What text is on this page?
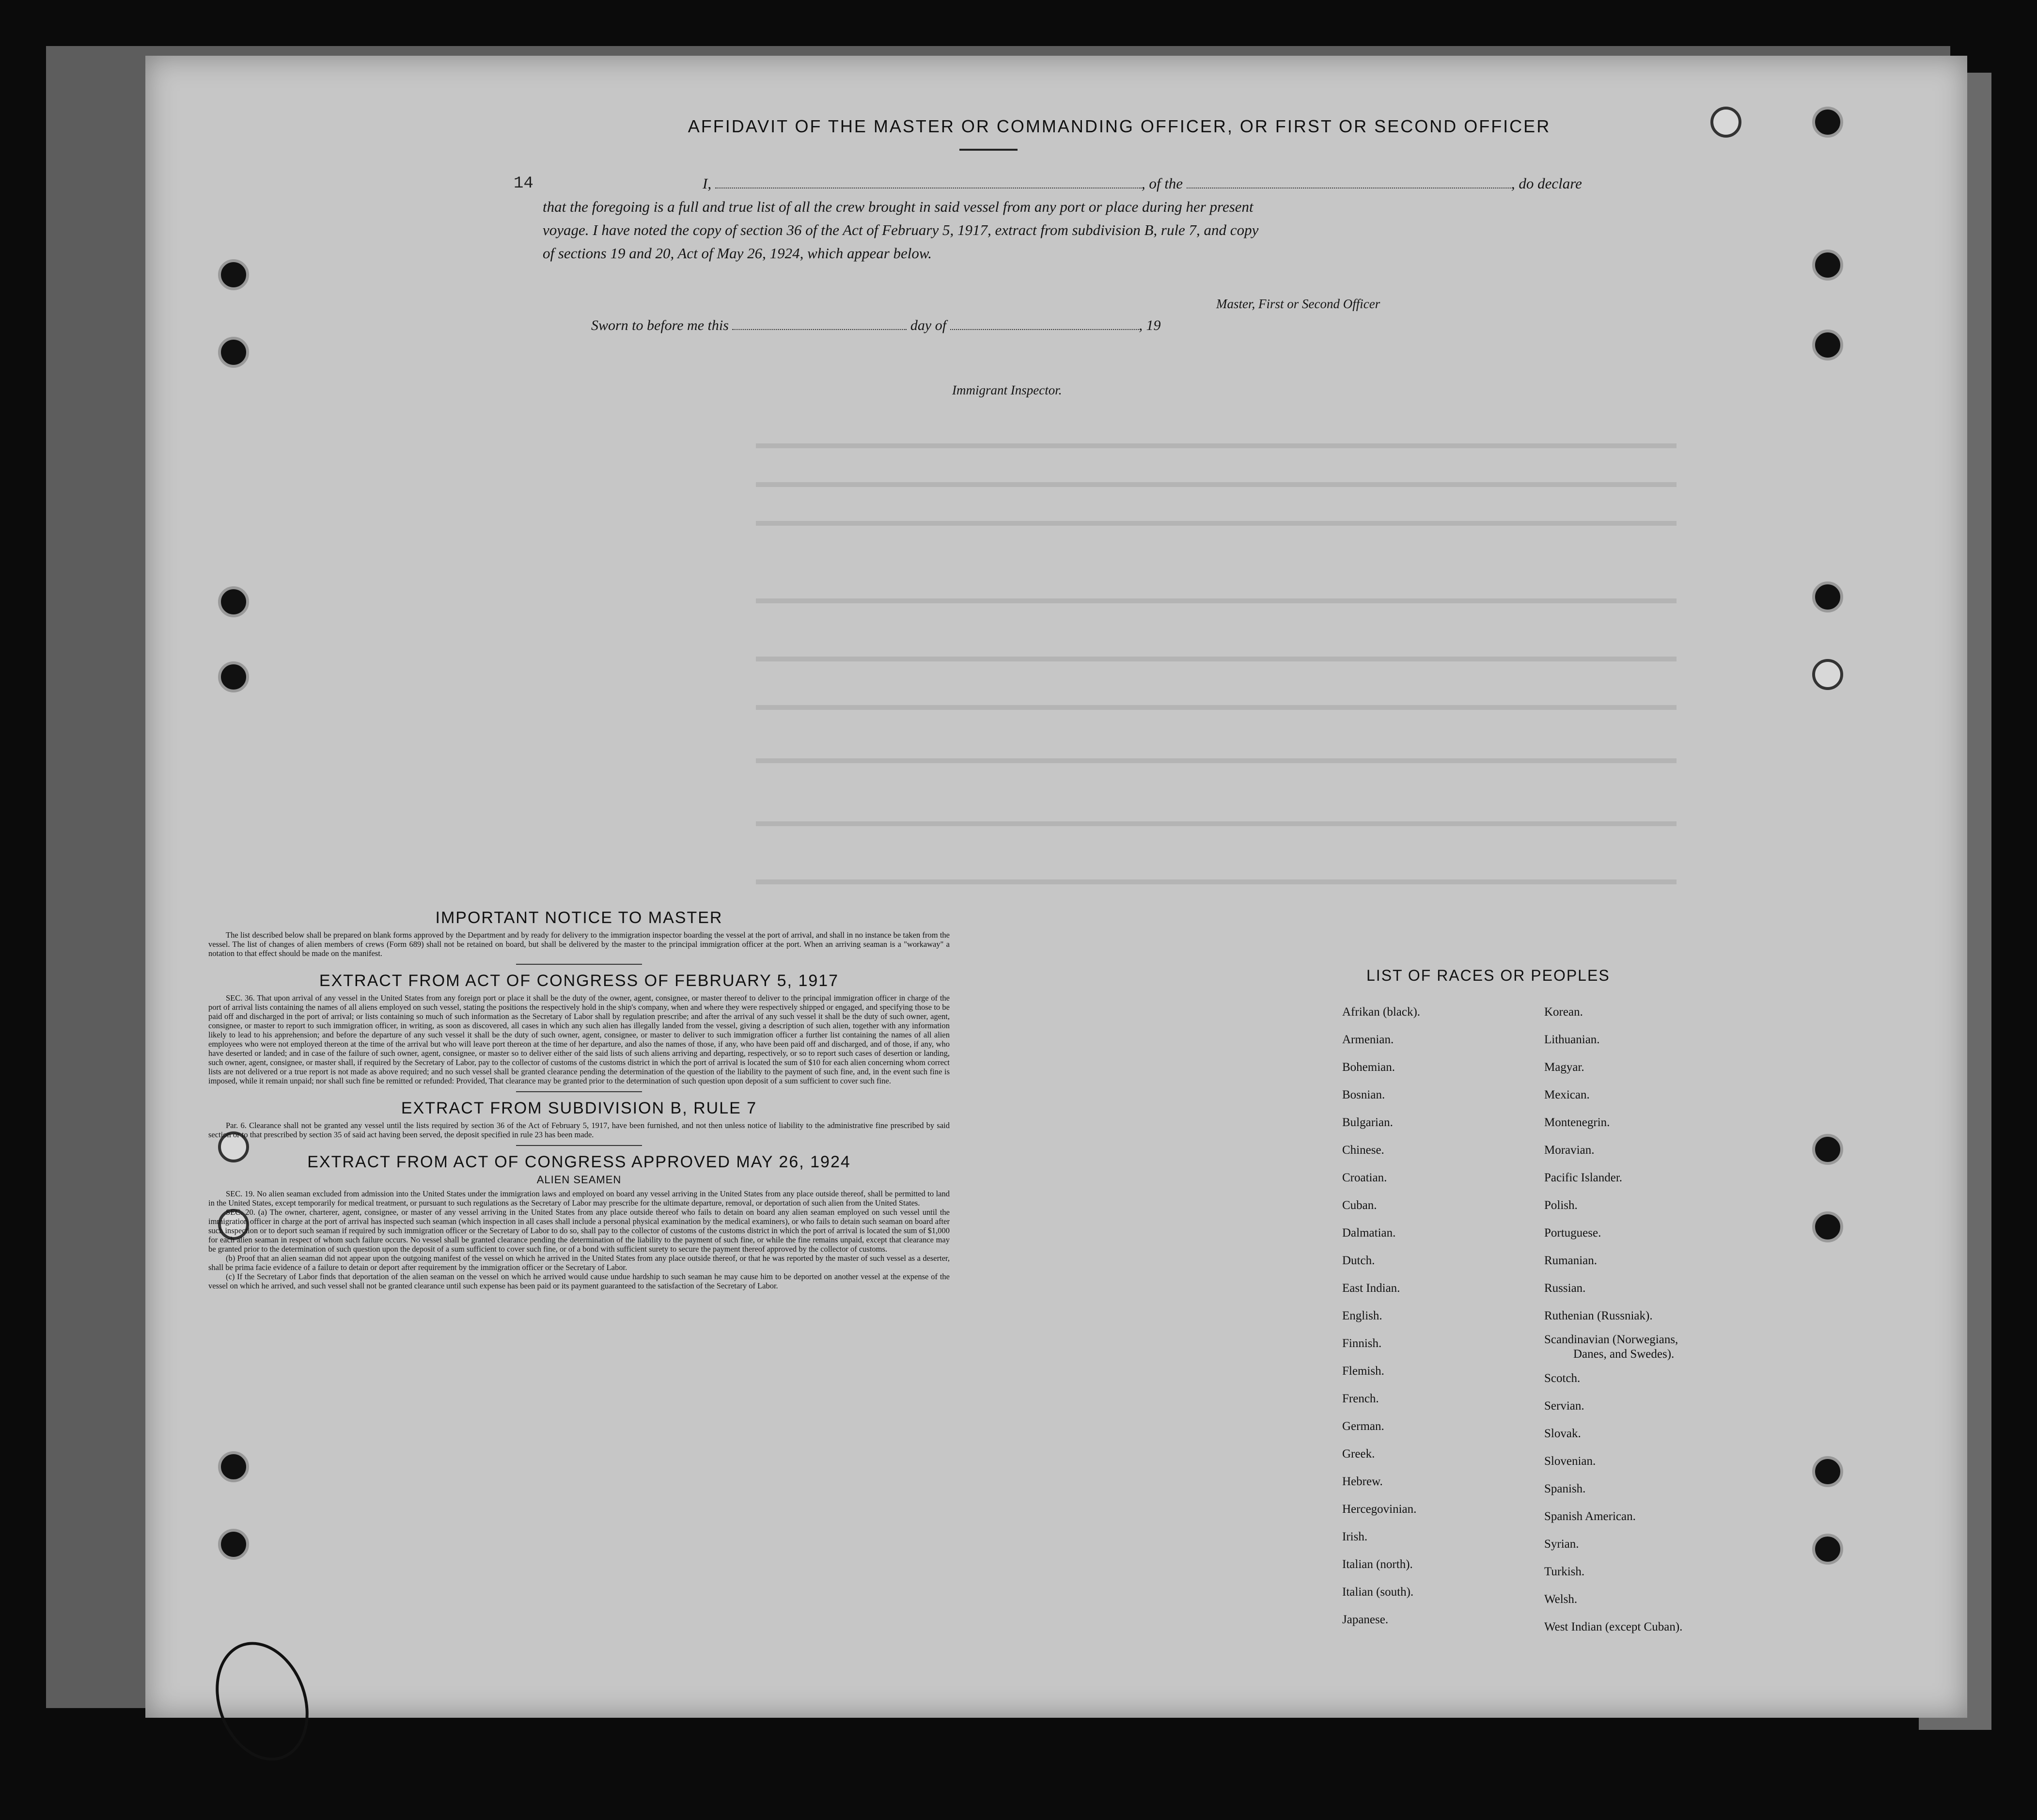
14
AFFIDAVIT OF THE MASTER OR COMMANDING OFFICER, OR FIRST OR SECOND OFFICER
I,	, of the	, do declare
that the foregoing is a full and true list of all the crew brought in said vessel from any port or place during her present
voyage. I have noted the copy of section 36 of the Act of February 5, 1917, extract from subdivision B, rule 7, and copy
of sections 19 and 20, Act of May 26, 1924, which appear below.
Master, First or Second Officer
Sworn to before me this	day of	, 19
Immigrant Inspector.
IMPORTANT NOTICE TO MASTER

The list described below shall be prepared on blank forms approved by the Department and by ready for delivery to the immigration inspector boarding the vessel at the port of arrival, and shall in no instance be taken from the vessel. The list of changes of alien members of crews (Form 689) shall not be retained on board, but shall be delivered by the master to the principal immigration officer at the port. When an arriving seaman is a "workaway" a notation to that effect should be made on the manifest.

EXTRACT FROM ACT OF CONGRESS OF FEBRUARY 5, 1917

SEC. 36. That upon arrival of any vessel in the United States from any foreign port or place it shall be the duty of the owner, agent, consignee, or master thereof to deliver to the principal immigration officer in charge of the port of arrival lists containing the names of all aliens employed on such vessel, stating the positions the respectively hold in the ship's company, when and where they were respectively shipped or engaged, and specifying those to be paid off and discharged in the port of arrival; or lists containing so much of such information as the Secretary of Labor shall by regulation prescribe; and after the arrival of any such vessel it shall be the duty of such owner, agent, consignee, or master to report to such immigration officer, in writing, as soon as discovered, all cases in which any such alien has illegally landed from the vessel, giving a description of such alien, together with any information likely to lead to his apprehension; and before the departure of any such vessel it shall be the duty of such owner, agent, consignee, or master to deliver to such immigration officer a further list containing the names of all alien employees who were not employed thereon at the time of the arrival but who will leave port thereon at the time of her departure, and also the names of those, if any, who have been paid off and discharged, and of those, if any, who have deserted or landed; and in case of the failure of such owner, agent, consignee, or master so to deliver either of the said lists of such aliens arriving and departing, respectively, or so to report such cases of desertion or landing, such owner, agent, consignee, or master shall, if required by the Secretary of Labor, pay to the collector of customs of the customs district in which the port of arrival is located the sum of $10 for each alien concerning whom correct lists are not delivered or a true report is not made as above required; and no such vessel shall be granted clearance pending the determination of the question of the liability to the payment of such fine, and, in the event such fine is imposed, while it remain unpaid; nor shall such fine be remitted or refunded: Provided, That clearance may be granted prior to the determination of such question upon deposit of a sum sufficient to cover such fine.

EXTRACT FROM SUBDIVISION B, RULE 7

Par. 6. Clearance shall not be granted any vessel until the lists required by section 36 of the Act of February 5, 1917, have been furnished, and not then unless notice of liability to the administrative fine prescribed by said section or to that prescribed by section 35 of said act having been served, the deposit specified in rule 23 has been made.

EXTRACT FROM ACT OF CONGRESS APPROVED MAY 26, 1924
ALIEN SEAMEN

SEC. 19. No alien seaman excluded from admission into the United States under the immigration laws and employed on board any vessel arriving in the United States from any place outside thereof, shall be permitted to land in the United States, except temporarily for medical treatment, or pursuant to such regulations as the Secretary of Labor may prescribe for the ultimate departure, removal, or deportation of such alien from the United States.

SEC. 20. (a) The owner, charterer, agent, consignee, or master of any vessel arriving in the United States from any place outside thereof who fails to detain on board any alien seaman employed on such vessel until the immigration officer in charge at the port of arrival has inspected such seaman (which inspection in all cases shall include a personal physical examination by the medical examiners), or who fails to detain such seaman on board after such inspection or to deport such seaman if required by such immigration officer or the Secretary of Labor to do so, shall pay to the collector of customs of the customs district in which the port of arrival is located the sum of $1,000 for each alien seaman in respect of whom such failure occurs. No vessel shall be granted clearance pending the determination of the liability to the payment of such fine, or while the fine remains unpaid, except that clearance may be granted prior to the determination of such question upon the deposit of a sum sufficient to cover such fine, or of a bond with sufficient surety to secure the payment thereof approved by the collector of customs.

(b) Proof that an alien seaman did not appear upon the outgoing manifest of the vessel on which he arrived in the United States from any place outside thereof, or that he was reported by the master of such vessel as a deserter, shall be prima facie evidence of a failure to detain or deport after requirement by the immigration officer or the Secretary of Labor.

(c) If the Secretary of Labor finds that deportation of the alien seaman on the vessel on which he arrived would cause undue hardship to such seaman he may cause him to be deported on another vessel at the expense of the vessel on which he arrived, and such vessel shall not be granted clearance until such expense has been paid or its payment guaranteed to the satisfaction of the Secretary of Labor.

LIST OF RACES OR PEOPLES
Afrikan (black).
Armenian.
Bohemian.
Bosnian.
Bulgarian.
Chinese.
Croatian.
Cuban.
Dalmatian.
Dutch.
East Indian.
English.
Finnish.
Flemish.
French.
German.
Greek.
Hebrew.
Hercegovinian.
Irish.
Italian (north).
Italian (south).
Japanese.
Korean.
Lithuanian.
Magyar.
Mexican.
Montenegrin.
Moravian.
Pacific Islander.
Polish.
Portuguese.
Rumanian.
Russian.
Ruthenian (Russniak).
Scandinavian (Norwegians,
Danes, and Swedes).
Scotch.
Servian.
Slovak.
Slovenian.
Spanish.
Spanish American.
Syrian.
Turkish.
Welsh.
West Indian (except Cuban).
